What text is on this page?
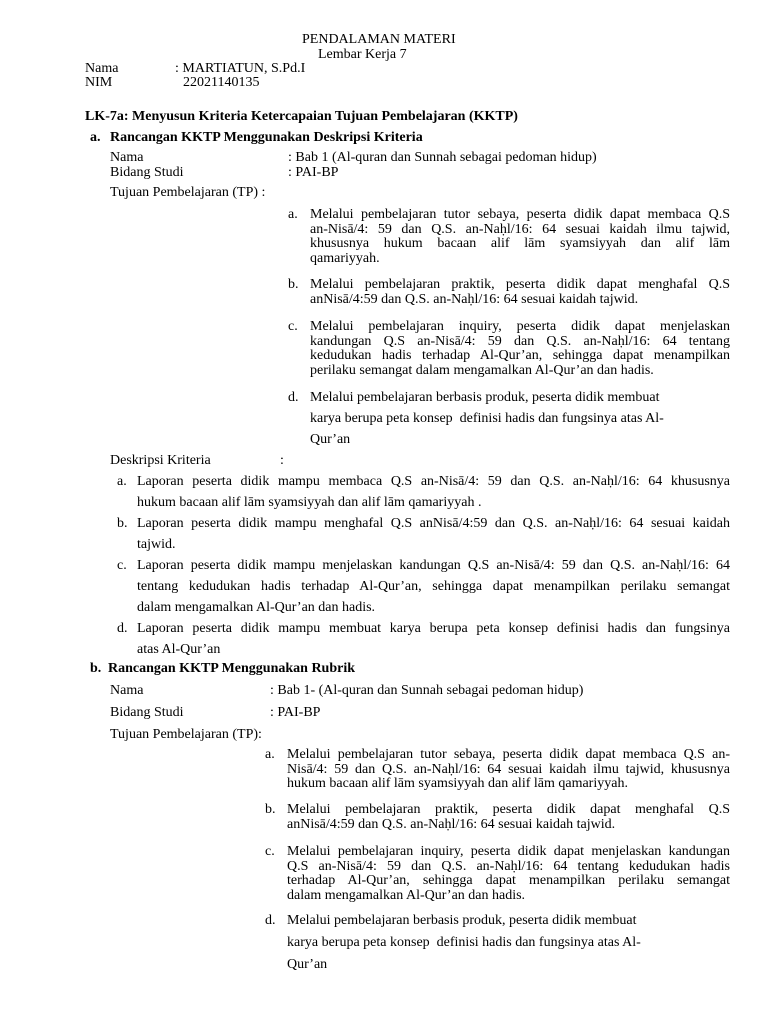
PENDALAMAN MATERI
Lembar Kerja 7
Nama	: MARTIATUN, S.Pd.I
NIM	22021140135
LK-7a: Menyusun Kriteria Ketercapaian Tujuan Pembelajaran (KKTP)
a. Rancangan KKTP Menggunakan Deskripsi Kriteria
Nama	: Bab 1 (Al-quran dan Sunnah sebagai pedoman hidup)
Bidang Studi	: PAI-BP
Tujuan Pembelajaran (TP) :
a. Melalui pembelajaran tutor sebaya, peserta didik dapat membaca Q.S
an-Nisā/4: 59 dan Q.S. an-Naḥl/16: 64 sesuai kaidah ilmu tajwid,
khususnya hukum bacaan alif lām syamsiyyah dan alif lām
qamariyyah.
b. Melalui pembelajaran praktik, peserta didik dapat menghafal Q.S
anNisā/4:59 dan Q.S. an-Naḥl/16: 64 sesuai kaidah tajwid.
c. Melalui pembelajaran inquiry, peserta didik dapat menjelaskan
kandungan Q.S an-Nisā/4: 59 dan Q.S. an-Naḥl/16: 64 tentang
kedudukan hadis terhadap Al-Qur’an, sehingga dapat menampilkan
perilaku semangat dalam mengamalkan Al-Qur’an dan hadis.
d. Melalui pembelajaran berbasis produk, peserta didik membuat
karya berupa peta konsep  definisi hadis dan fungsinya atas Al-
Qur’an
Deskripsi Kriteria	:
a. Laporan peserta didik mampu membaca Q.S an-Nisā/4: 59 dan Q.S. an-Naḥl/16: 64 khususnya
hukum bacaan alif lām syamsiyyah dan alif lām qamariyyah .
b. Laporan peserta didik mampu menghafal Q.S anNisā/4:59 dan Q.S. an-Naḥl/16: 64 sesuai kaidah
tajwid.
c. Laporan peserta didik mampu menjelaskan kandungan Q.S an-Nisā/4: 59 dan Q.S. an-Naḥl/16: 64
tentang kedudukan hadis terhadap Al-Qur’an, sehingga dapat menampilkan perilaku semangat
dalam mengamalkan Al-Qur’an dan hadis.
d. Laporan peserta didik mampu membuat karya berupa peta konsep definisi hadis dan fungsinya
atas Al-Qur’an
b. Rancangan KKTP Menggunakan Rubrik
Nama	: Bab 1- (Al-quran dan Sunnah sebagai pedoman hidup)
Bidang Studi	: PAI-BP
Tujuan Pembelajaran (TP):
a. Melalui pembelajaran tutor sebaya, peserta didik dapat membaca Q.S an-
Nisā/4: 59 dan Q.S. an-Naḥl/16: 64 sesuai kaidah ilmu tajwid, khususnya
hukum bacaan alif lām syamsiyyah dan alif lām qamariyyah.
b. Melalui pembelajaran praktik, peserta didik dapat menghafal Q.S
anNisā/4:59 dan Q.S. an-Naḥl/16: 64 sesuai kaidah tajwid.
c. Melalui pembelajaran inquiry, peserta didik dapat menjelaskan kandungan
Q.S an-Nisā/4: 59 dan Q.S. an-Naḥl/16: 64 tentang kedudukan hadis
terhadap Al-Qur’an, sehingga dapat menampilkan perilaku semangat
dalam mengamalkan Al-Qur’an dan hadis.
d. Melalui pembelajaran berbasis produk, peserta didik membuat
karya berupa peta konsep  definisi hadis dan fungsinya atas Al-
Qur’an
